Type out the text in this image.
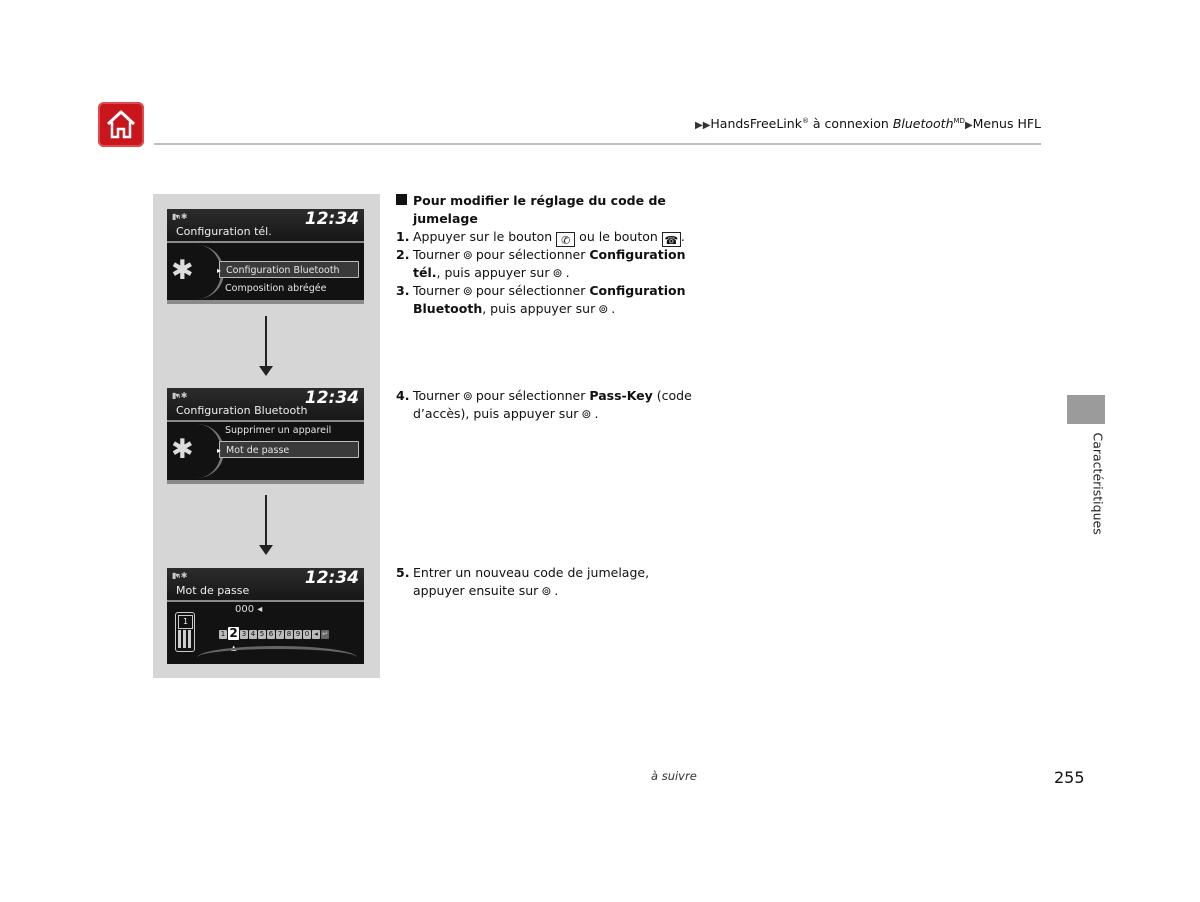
▶▶HandsFreeLink® à connexion Bluetooth$^{MD}$▶Menus HFL
▮▾ᵢₗ ✱	12:34
Configuration tél.
✱
▸	Configuration Bluetooth
Composition abrégée
▮▾ᵢₗ ✱	12:34
Configuration Bluetooth
✱
Supprimer un appareil
▸ Mot de passe
▮▾ᵢₗ ✱	12:34
Mot de passe
000 ◂
1
1 2 3 4 5 6 7 8 9 0 ◂ ↵
▲
Pour modifier le réglage du code de jumelage
1. Appuyer sur le bouton ✆ ou le bouton ☎ .
2. Tourner ⊚ pour sélectionner Configuration tél., puis appuyer sur ⊚ .
3. Tourner ⊚ pour sélectionner Configuration Bluetooth, puis appuyer sur ⊚ .
4. Tourner ⊚ pour sélectionner Pass-Key (code d’accès), puis appuyer sur ⊚ .
5. Entrer un nouveau code de jumelage, appuyer ensuite sur ⊚ .
Caractéristiques
à suivre	255
